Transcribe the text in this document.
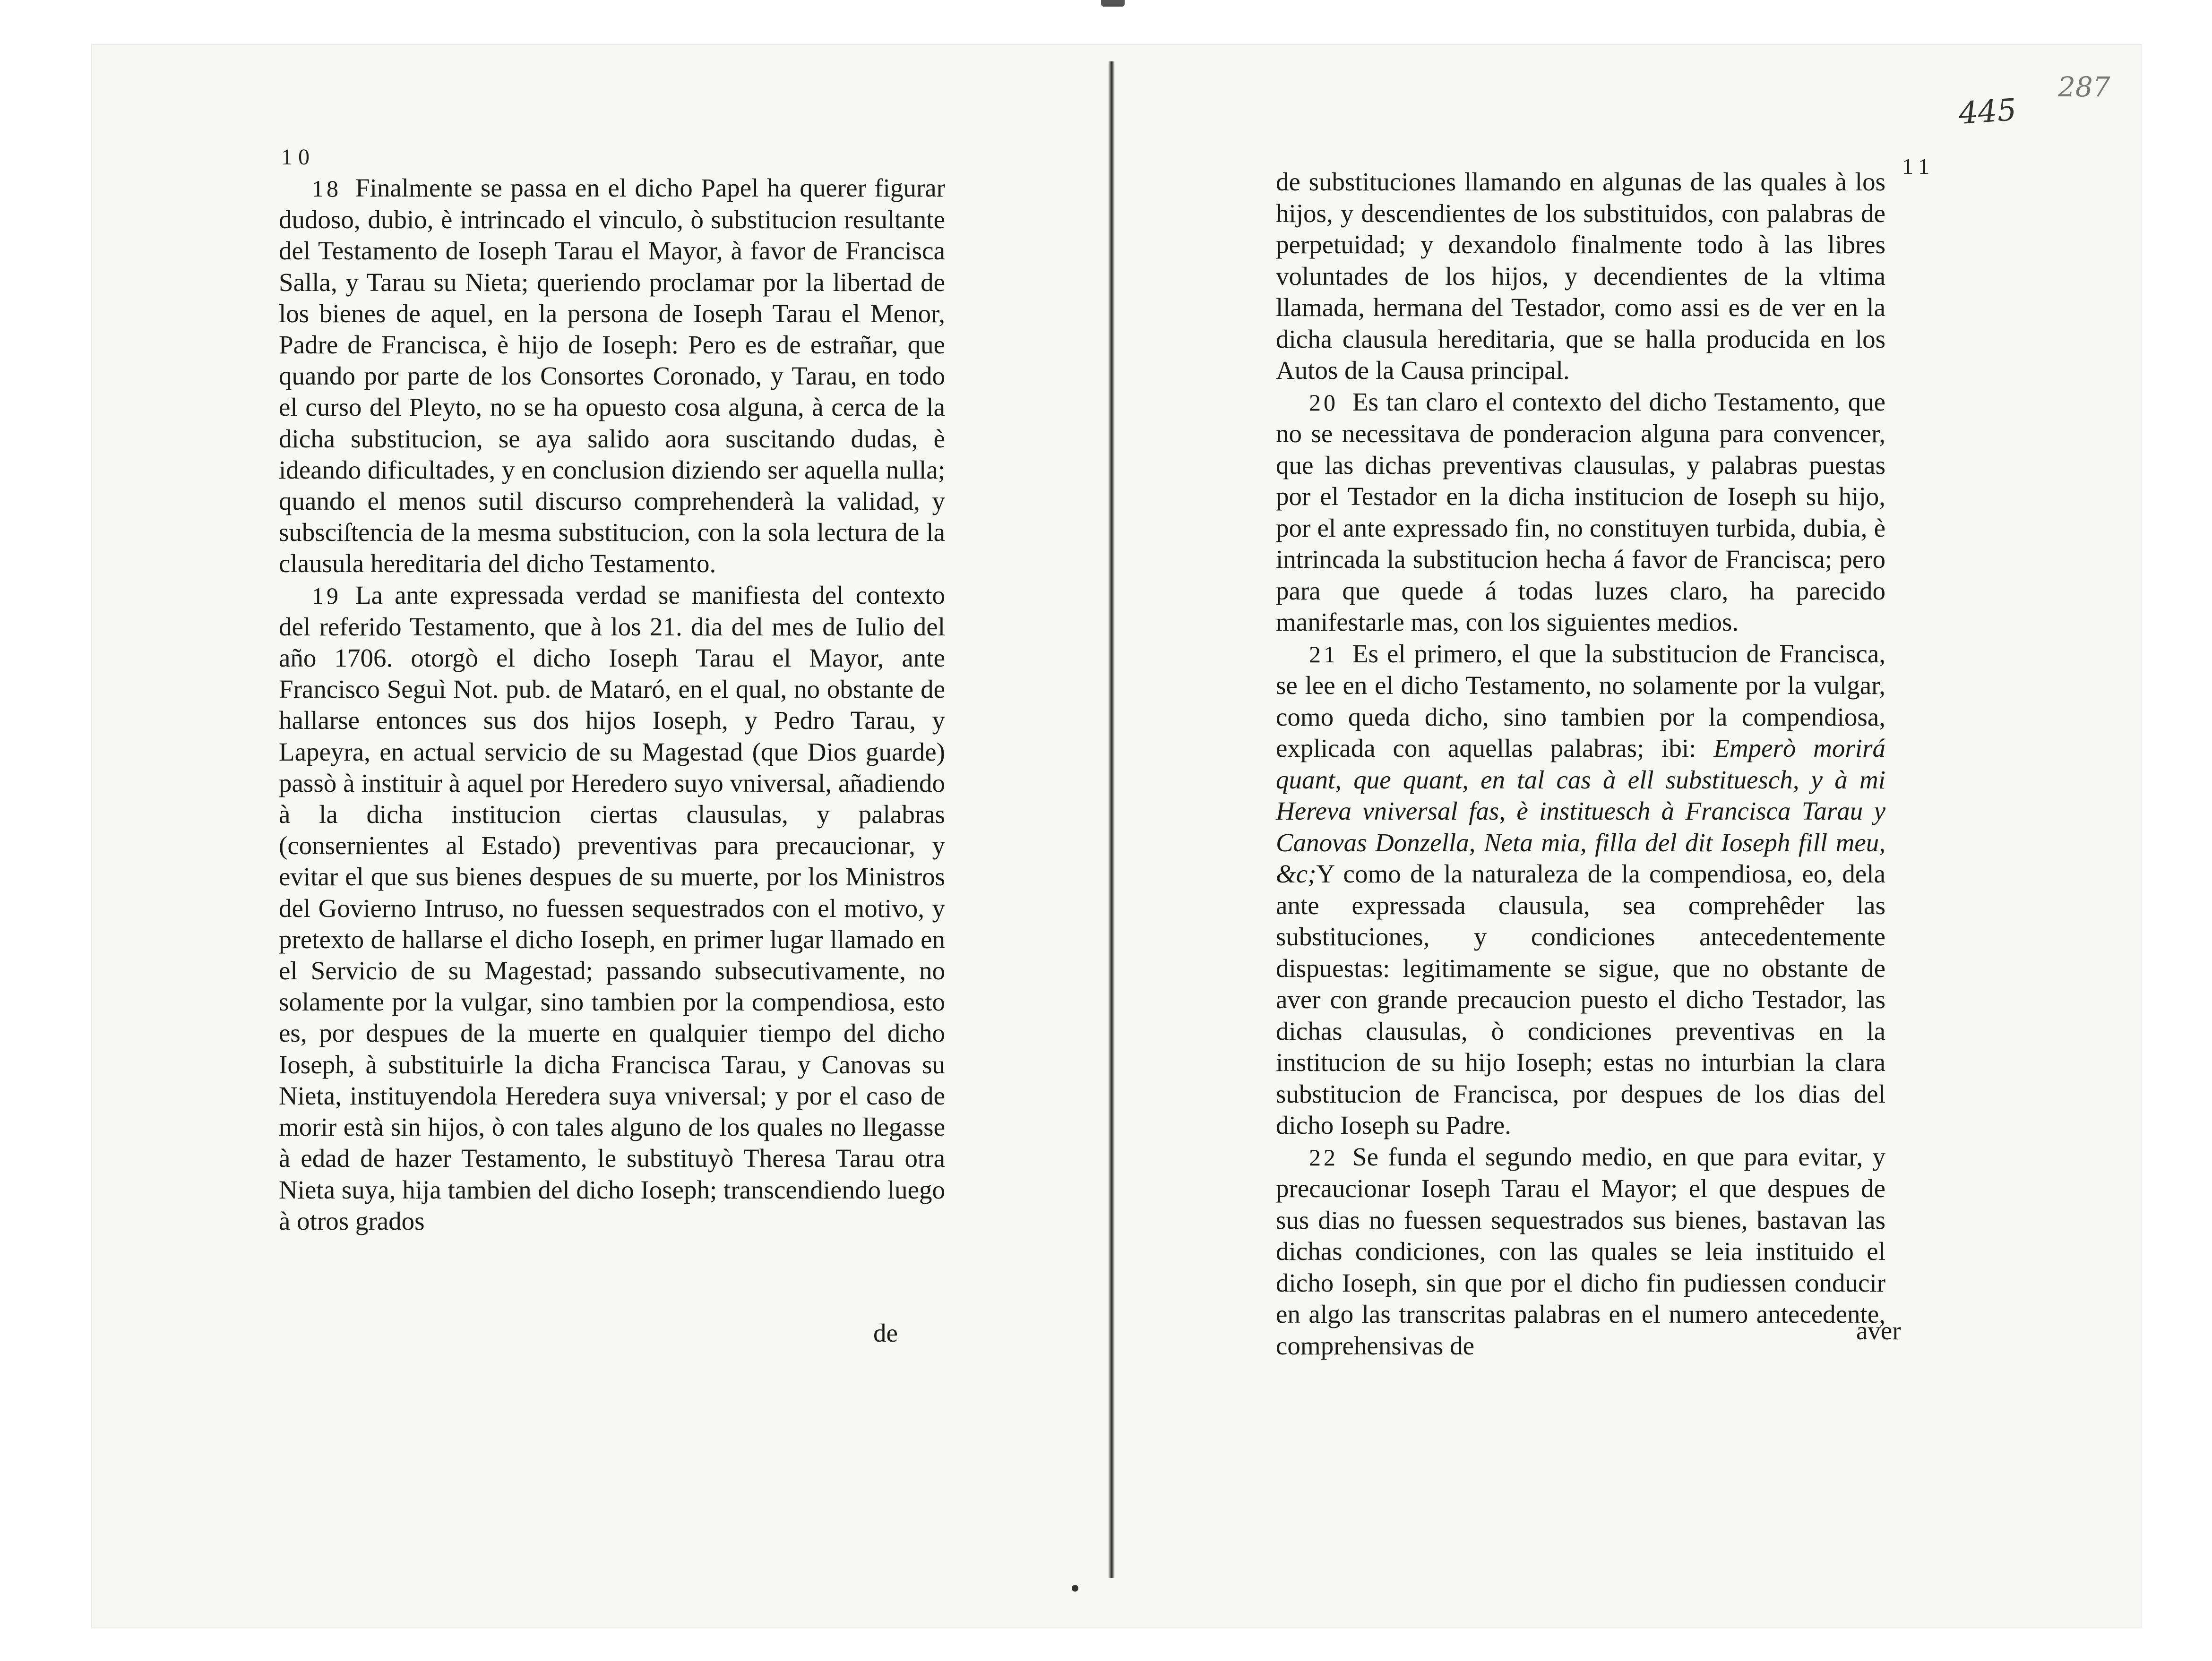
10

18 Finalmente se passa en el dicho Papel ha querer figurar dudoso, dubio, è intrincado el vinculo, ò substitucion resultante del Testamento de Ioseph Tarau el Mayor, à favor de Francisca Salla, y Tarau su Nieta; queriendo proclamar por la libertad de los bienes de aquel, en la persona de Ioseph Tarau el Menor, Padre de Francisca, è hijo de Ioseph: Pero es de estrañar, que quando por parte de los Consortes Coronado, y Tarau, en todo el curso del Pleyto, no se ha opuesto cosa alguna, à cerca de la dicha substitucion, se aya salido aora suscitando dudas, è ideando dificultades, y en conclusion diziendo ser aquella nulla; quando el menos sutil discurso comprehenderà la validad, y subsciſtencia de la mesma substitucion, con la sola lectura de la clausula hereditaria del dicho Testamento.

19 La ante expressada verdad se manifiesta del contexto del referido Testamento, que à los 21. dia del mes de Iulio del año 1706. otorgò el dicho Ioseph Tarau el Mayor, ante Francisco Seguì Not. pub. de Mataró, en el qual, no obstante de hallarse entonces sus dos hijos Ioseph, y Pedro Tarau, y Lapeyra, en actual servicio de su Magestad (que Dios guarde) passò à instituir à aquel por Heredero suyo vniversal, añadiendo à la dicha institucion ciertas clausulas, y palabras (consernientes al Estado) preventivas para precaucionar, y evitar el que sus bienes despues de su muerte, por los Ministros del Govierno Intruso, no fuessen sequestrados con el motivo, y pretexto de hallarse el dicho Ioseph, en primer lugar llamado en el Servicio de su Magestad; passando subsecutivamente, no solamente por la vulgar, sino tambien por la compendiosa, esto es, por despues de la muerte en qualquier tiempo del dicho Ioseph, à substituirle la dicha Francisca Tarau, y Canovas su Nieta, instituyendola Heredera suya vniversal; y por el caso de morir està sin hijos, ò con tales alguno de los quales no llegasse à edad de hazer Testamento, le substituyò Theresa Tarau otra Nieta suya, hija tambien del dicho Ioseph; transcendiendo luego à otros grados

de
445
287
11

de substituciones llamando en algunas de las quales à los hijos, y descendientes de los substituidos, con palabras de perpetuidad; y dexandolo finalmente todo à las libres voluntades de los hijos, y decendientes de la vltima llamada, hermana del Testador, como assi es de ver en la dicha clausula hereditaria, que se halla producida en los Autos de la Causa principal.

20 Es tan claro el contexto del dicho Testamento, que no se necessitava de ponderacion alguna para convencer, que las dichas preventivas clausulas, y palabras puestas por el Testador en la dicha institucion de Ioseph su hijo, por el ante expressado fin, no constituyen turbida, dubia, è intrincada la substitucion hecha á favor de Francisca; pero para que quede á todas luzes claro, ha parecido manifestarle mas, con los siguientes medios.

21 Es el primero, el que la substitucion de Francisca, se lee en el dicho Testamento, no solamente por la vulgar, como queda dicho, sino tambien por la compendiosa, explicada con aquellas palabras; ibi: Emperò morirá quant, que quant, en tal cas à ell substituesch, y à mi Hereva vniversal fas, è instituesch à Francisca Tarau y Canovas Donzella, Neta mia, filla del dit Ioseph fill meu, &c;Y como de la naturaleza de la compendiosa, eo, dela ante expressada clausula, sea comprehêder las substituciones, y condiciones antecedentemente dispuestas: legitimamente se sigue, que no obstante de aver con grande precaucion puesto el dicho Testador, las dichas clausulas, ò condiciones preventivas en la institucion de su hijo Ioseph; estas no inturbian la clara substitucion de Francisca, por despues de los dias del dicho Ioseph su Padre.

22 Se funda el segundo medio, en que para evitar, y precaucionar Ioseph Tarau el Mayor; el que despues de sus dias no fuessen sequestrados sus bienes, bastavan las dichas condiciones, con las quales se leia instituido el dicho Ioseph, sin que por el dicho fin pudiessen conducir en algo las transcritas palabras en el numero antecedente, comprehensivas de

aver
